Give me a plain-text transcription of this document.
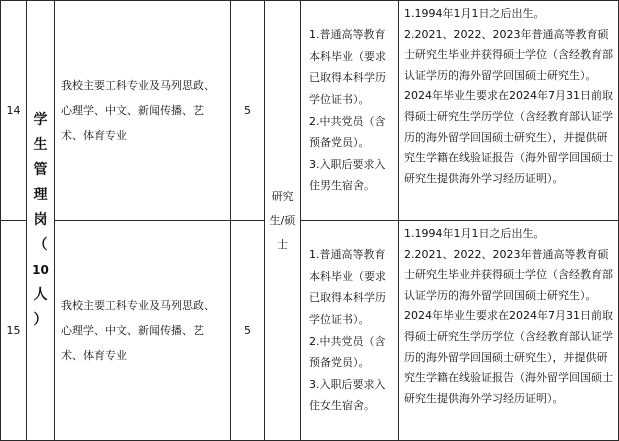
14
我校主要工科专业及马列思政、心理学、中文、新闻传播、艺术、体育专业
5

1.普通高等教育本科毕业（要求已取得本科学历学位证书）。

2.中共党员（含预备党员）。

3.入职后要求入住男生宿舍。

1.1994年1月1日之后出生。

2.2021、2022、2023年普通高等教育硕士研究生毕业并获得硕士学位（含经教育部认证学历的海外留学回国硕士研究生）。

2024年毕业生要求在2024年7月31日前取得硕士研究生学历学位（含经教育部认证学历的海外留学回国硕士研究生），并提供研究生学籍在线验证报告（海外留学回国硕士研究生提供海外学习经历证明）。

15
我校主要工科专业及马列思政、心理学、中文、新闻传播、艺术、体育专业
5

1.普通高等教育本科毕业（要求已取得本科学历学位证书）。

2.中共党员（含预备党员）。

3.入职后要求入住女生宿舍。

1.1994年1月1日之后出生。

2.2021、2022、2023年普通高等教育硕士研究生毕业并获得硕士学位（含经教育部认证学历的海外留学回国硕士研究生）。

2024年毕业生要求在2024年7月31日前取得硕士研究生学历学位（含经教育部认证学历的海外留学回国硕士研究生），并提供研究生学籍在线验证报告（海外留学回国硕士研究生提供海外学习经历证明）。

学
生
管
理
岗
（
10
人
）
研究生/硕士
